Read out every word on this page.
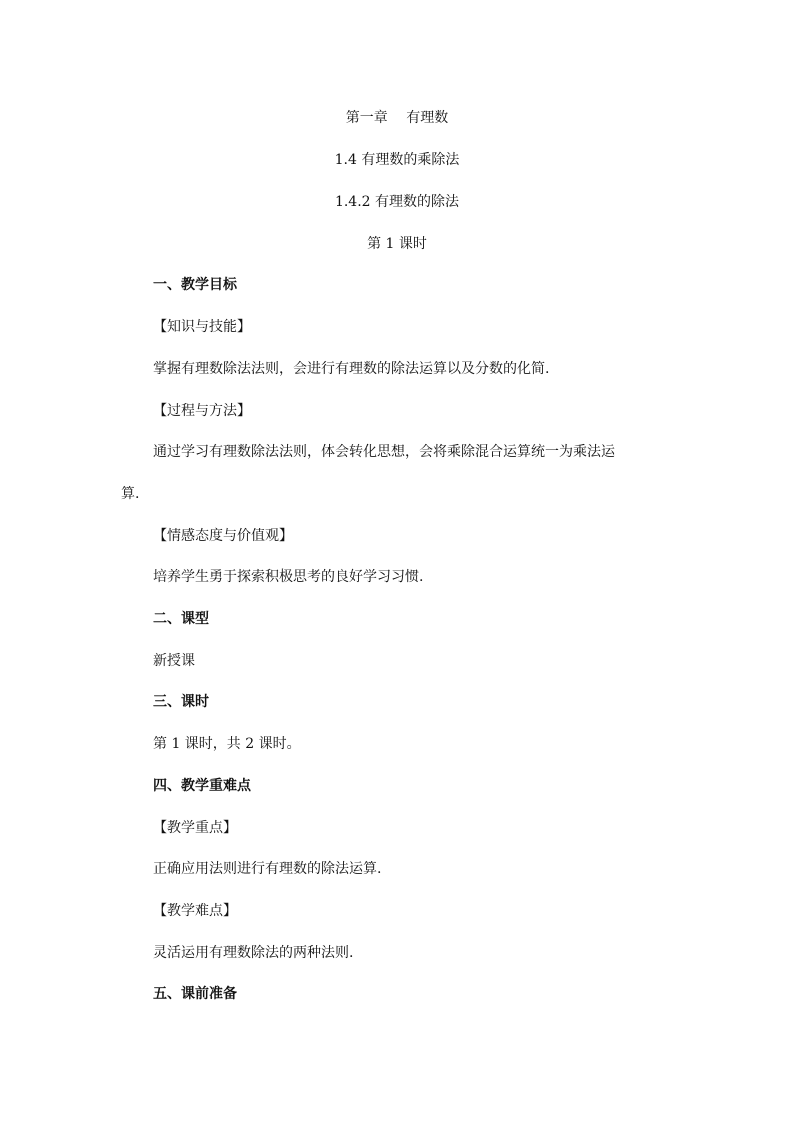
第一章　 有理数
1.4 有理数的乘除法
1.4.2 有理数的除法
第 1 课时
一、教学目标
【知识与技能】
掌握有理数除法法则，会进行有理数的除法运算以及分数的化简.
【过程与方法】
通过学习有理数除法法则，体会转化思想，会将乘除混合运算统一为乘法运
算.
【情感态度与价值观】
培养学生勇于探索积极思考的良好学习习惯.
二、课型
新授课
三、课时
第 1 课时，共 2 课时。
四、教学重难点
【教学重点】
正确应用法则进行有理数的除法运算.
【教学难点】
灵活运用有理数除法的两种法则.
五、课前准备
